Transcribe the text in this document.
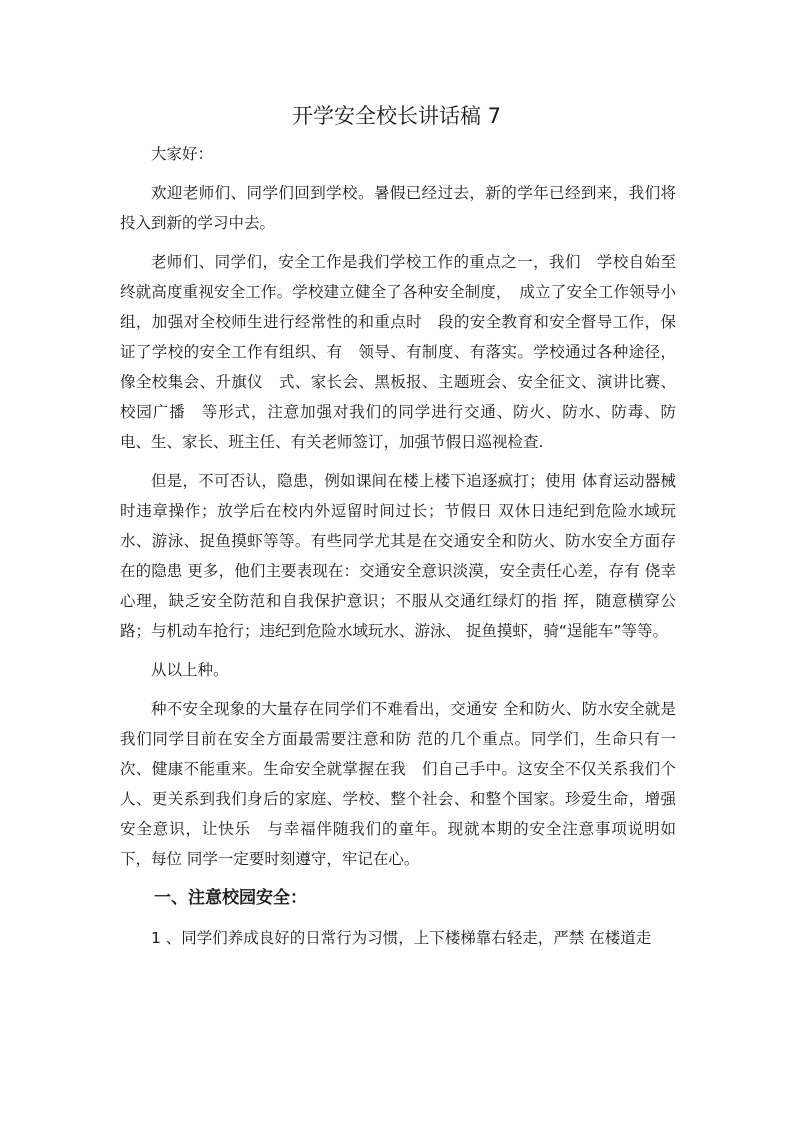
开学安全校长讲话稿 7

大家好：

欢迎老师们、同学们回到学校。暑假已经过去，新的学年已经到来，我们将投入到新的学习中去。

老师们、同学们，安全工作是我们学校工作的重点之一，我们　学校自始至终就高度重视安全工作。学校建立健全了各种安全制度，　成立了安全工作领导小组，加强对全校师生进行经常性的和重点时　段的安全教育和安全督导工作，保证了学校的安全工作有组织、有　领导、有制度、有落实。学校通过各种途径，像全校集会、升旗仪　式、家长会、黑板报、主题班会、安全征文、演讲比赛、校园广播　等形式，注意加强对我们的同学进行交通、防火、防水、防毒、防　电、生、家长、班主任、有关老师签订，加强节假日巡视检查.

但是，不可否认，隐患，例如课间在楼上楼下追逐疯打；使用 体育运动器械时违章操作；放学后在校内外逗留时间过长；节假日 双休日违纪到危险水域玩水、游泳、捉鱼摸虾等等。有些同学尤其是在交通安全和防火、防水安全方面存在的隐患 更多，他们主要表现在：交通安全意识淡漠，安全责任心差，存有 侥幸心理，缺乏安全防范和自我保护意识；不服从交通红绿灯的指 挥，随意横穿公路；与机动车抢行；违纪到危险水域玩水、游泳、 捉鱼摸虾，骑“逞能车”等等。

从以上种。

种不安全现象的大量存在同学们不难看出，交通安 全和防火、防水安全就是我们同学目前在安全方面最需要注意和防 范的几个重点。同学们，生命只有一次、健康不能重来。生命安全就掌握在我　们自己手中。这安全不仅关系我们个人、更关系到我们身后的家庭、学校、整个社会、和整个国家。珍爱生命，增强安全意识，让快乐　与幸福伴随我们的童年。现就本期的安全注意事项说明如下，每位 同学一定要时刻遵守，牢记在心。

一、注意校园安全：

1 、同学们养成良好的日常行为习惯，上下楼梯靠右轻走，严禁 在楼道走
